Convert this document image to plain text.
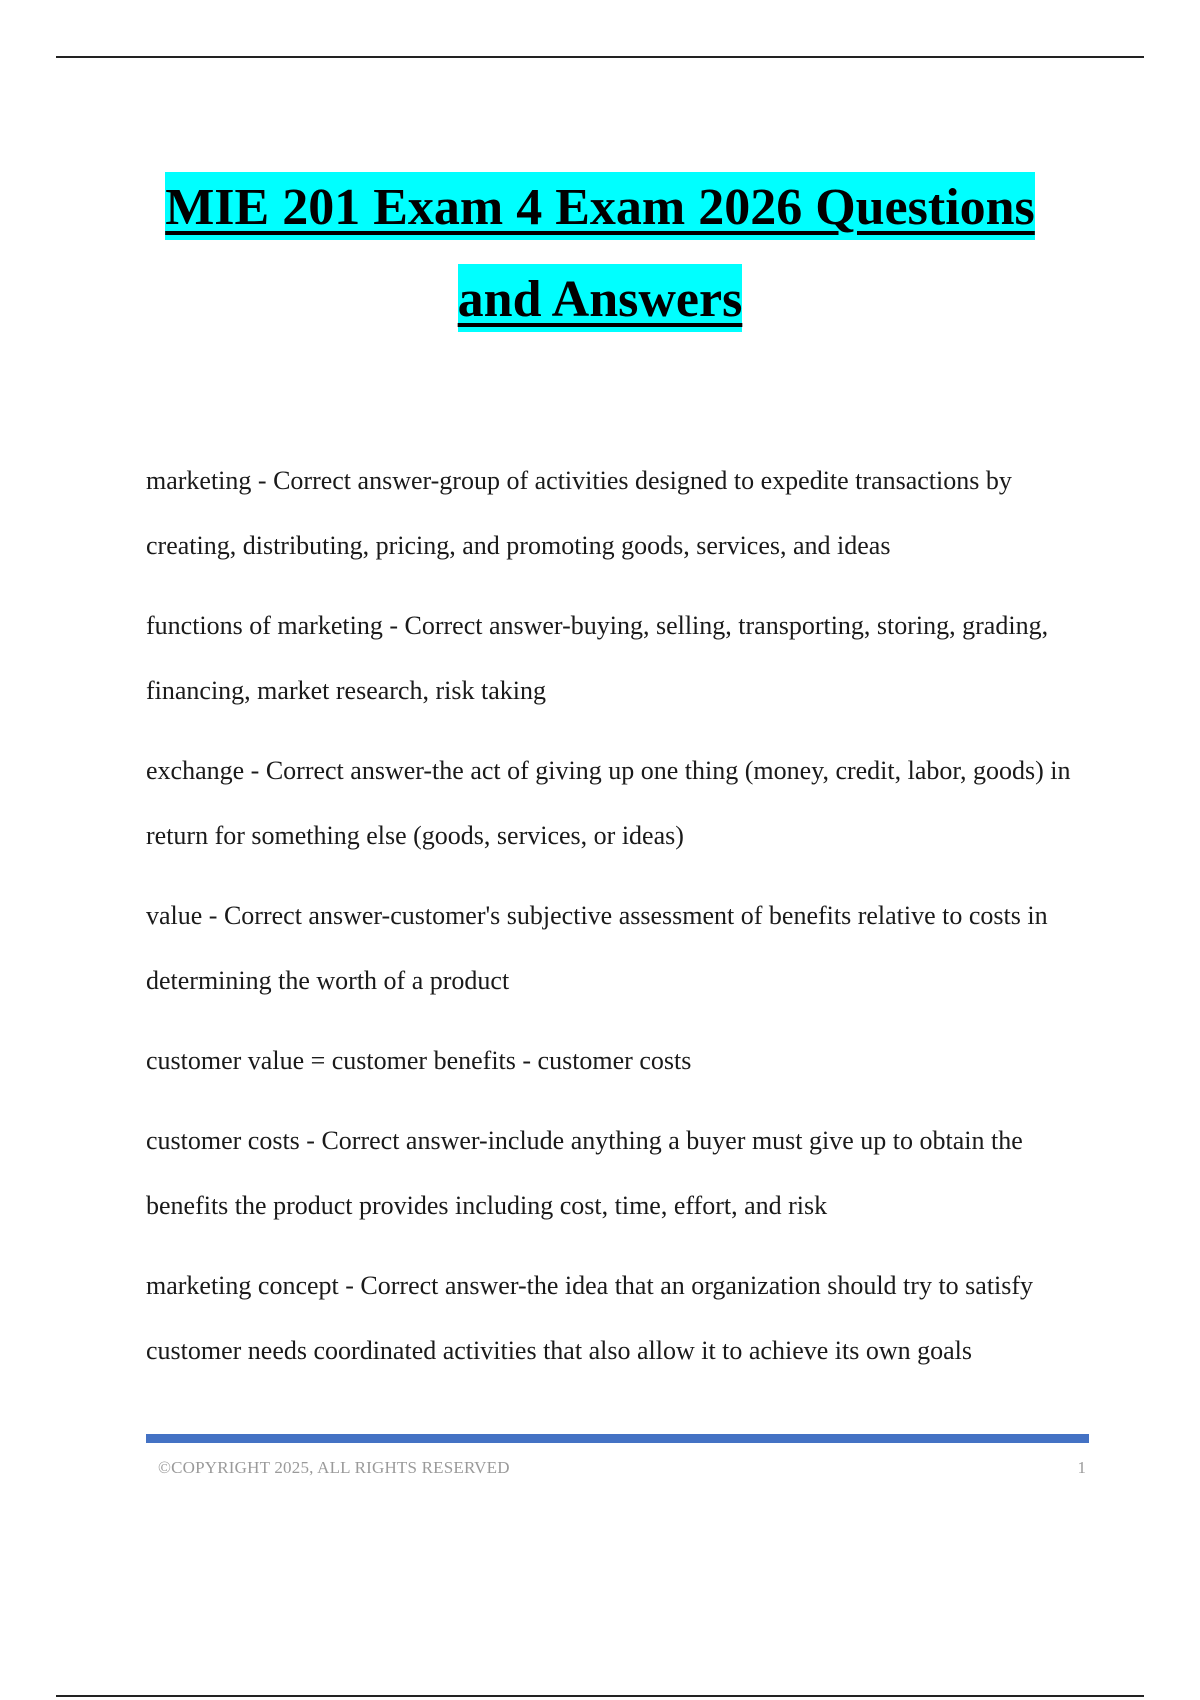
MIE 201 Exam 4 Exam 2026 Questions
and Answers

marketing - Correct answer-group of activities designed to expedite transactions by creating, distributing, pricing, and promoting goods, services, and ideas

functions of marketing - Correct answer-buying, selling, transporting, storing, grading, financing, market research, risk taking

exchange - Correct answer-the act of giving up one thing (money, credit, labor, goods) in return for something else (goods, services, or ideas)

value - Correct answer-customer's subjective assessment of benefits relative to costs in determining the worth of a product

customer value = customer benefits - customer costs

customer costs - Correct answer-include anything a buyer must give up to obtain the benefits the product provides including cost, time, effort, and risk

marketing concept - Correct answer-the idea that an organization should try to satisfy customer needs coordinated activities that also allow it to achieve its own goals

©COPYRIGHT 2025, ALL RIGHTS RESERVED	1
